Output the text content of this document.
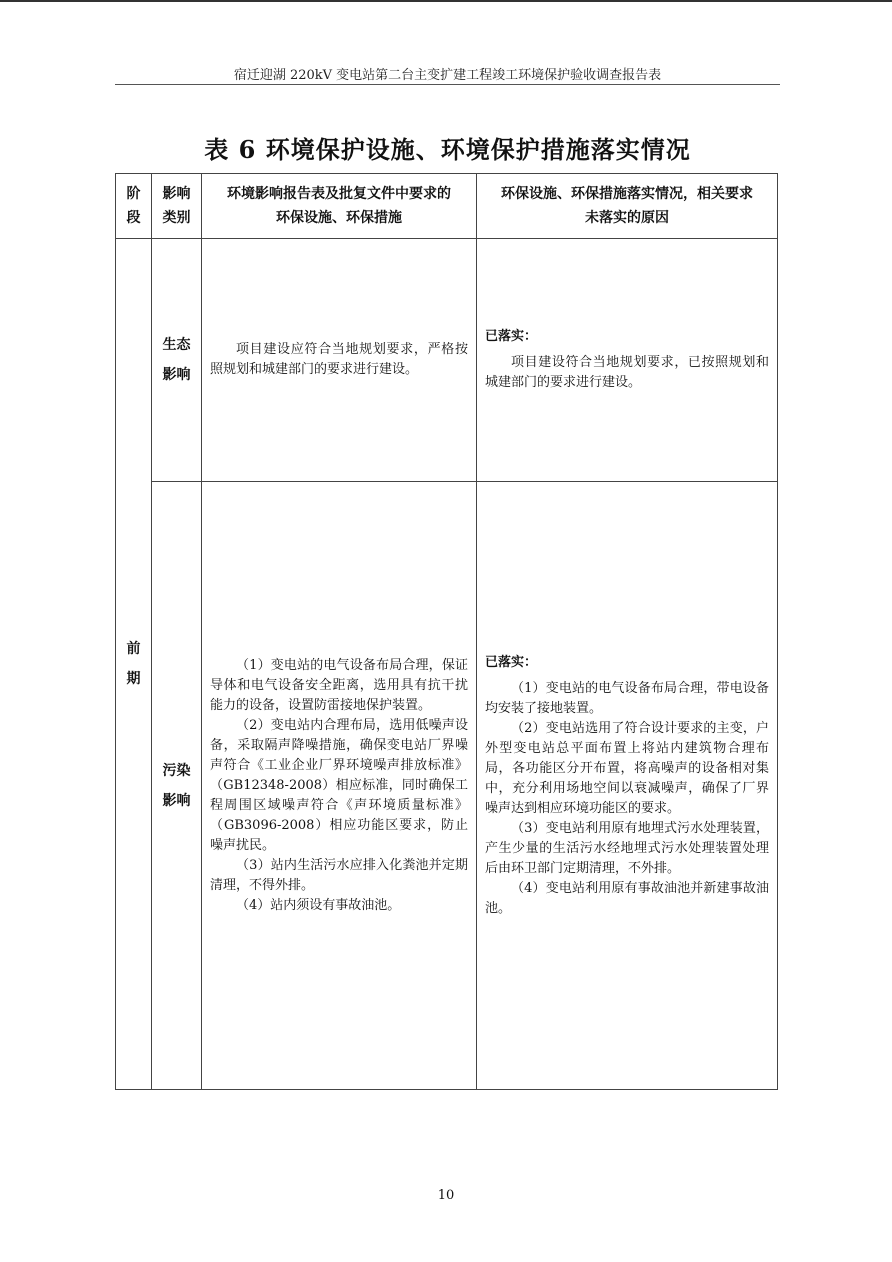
宿迁迎湖 220kV 变电站第二台主变扩建工程竣工环境保护验收调查报告表
表 6 环境保护设施、环境保护措施落实情况
阶
段
影响
类别
环境影响报告表及批复文件中要求的
环保设施、环保措施
环保设施、环保措施落实情况，相关要求
未落实的原因
前
期
生态
影响

项目建设应符合当地规划要求，严格按照规划和城建部门的要求进行建设。

已落实：

项目建设符合当地规划要求，已按照规划和城建部门的要求进行建设。

污染
影响

（1）变电站的电气设备布局合理，保证导体和电气设备安全距离，选用具有抗干扰能力的设备，设置防雷接地保护装置。

（2）变电站内合理布局，选用低噪声设备，采取隔声降噪措施，确保变电站厂界噪声符合《工业企业厂界环境噪声排放标准》（GB12348-2008）相应标准，同时确保工程周围区域噪声符合《声环境质量标准》（GB3096-2008）相应功能区要求，防止噪声扰民。

（3）站内生活污水应排入化粪池并定期清理，不得外排。

（4）站内须设有事故油池。

已落实：

（1）变电站的电气设备布局合理，带电设备均安装了接地装置。

（2）变电站选用了符合设计要求的主变，户外型变电站总平面布置上将站内建筑物合理布局，各功能区分开布置，将高噪声的设备相对集中，充分利用场地空间以衰减噪声，确保了厂界噪声达到相应环境功能区的要求。

（3）变电站利用原有地埋式污水处理装置，产生少量的生活污水经地埋式污水处理装置处理后由环卫部门定期清理，不外排。

（4）变电站利用原有事故油池并新建事故油池。

10
